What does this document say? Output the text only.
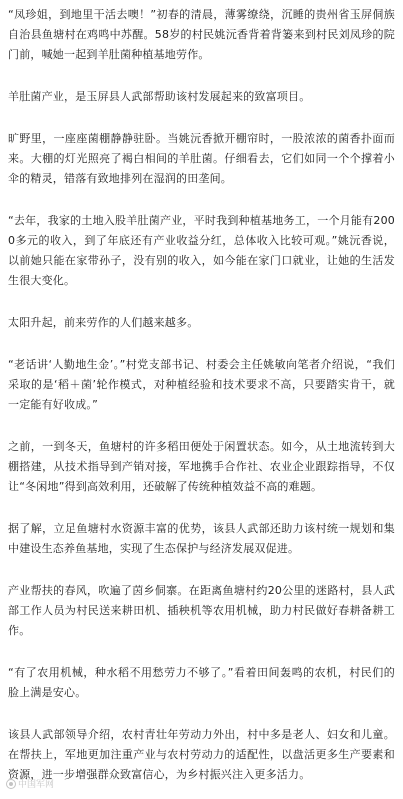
“凤珍姐，到地里干活去噢！”初春的清晨，薄雾缭绕，沉睡的贵州省玉屏侗族自治县鱼塘村在鸡鸣中苏醒。58岁的村民姚沅香背着背篓来到村民刘凤珍的院门前，喊她一起到羊肚菌种植基地劳作。

羊肚菌产业，是玉屏县人武部帮助该村发展起来的致富项目。

旷野里，一座座菌棚静静驻卧。当姚沅香掀开棚帘时，一股浓浓的菌香扑面而来。大棚的灯光照亮了褐白相间的羊肚菌。仔细看去，它们如同一个个撑着小伞的精灵，错落有致地排列在湿润的田垄间。

“去年，我家的土地入股羊肚菌产业，平时我到种植基地务工，一个月能有2000多元的收入，到了年底还有产业收益分红，总体收入比较可观。”姚沅香说，以前她只能在家带孙子，没有别的收入，如今能在家门口就业，让她的生活发生很大变化。

太阳升起，前来劳作的人们越来越多。

“老话讲‘人勤地生金’。”村党支部书记、村委会主任姚敏向笔者介绍说，“我们采取的是‘稻＋菌’轮作模式，对种植经验和技术要求不高，只要踏实肯干，就一定能有好收成。”

之前，一到冬天，鱼塘村的许多稻田便处于闲置状态。如今，从土地流转到大棚搭建，从技术指导到产销对接，军地携手合作社、农业企业跟踪指导，不仅让“冬闲地”得到高效利用，还破解了传统种植效益不高的难题。

据了解，立足鱼塘村水资源丰富的优势，该县人武部还助力该村统一规划和集中建设生态养鱼基地，实现了生态保护与经济发展双促进。

产业帮扶的春风，吹遍了茵乡侗寨。在距离鱼塘村约20公里的迷路村，县人武部工作人员为村民送来耕田机、插秧机等农用机械，助力村民做好春耕备耕工作。

“有了农用机械，种水稻不用愁劳力不够了。”看着田间轰鸣的农机，村民们的脸上满是安心。

该县人武部领导介绍，农村青壮年劳动力外出，村中多是老人、妇女和儿童。在帮扶上，军地更加注重产业与农村劳动力的适配性，以盘活更多生产要素和资源，进一步增强群众致富信心，为乡村振兴注入更多活力。

中国军网
